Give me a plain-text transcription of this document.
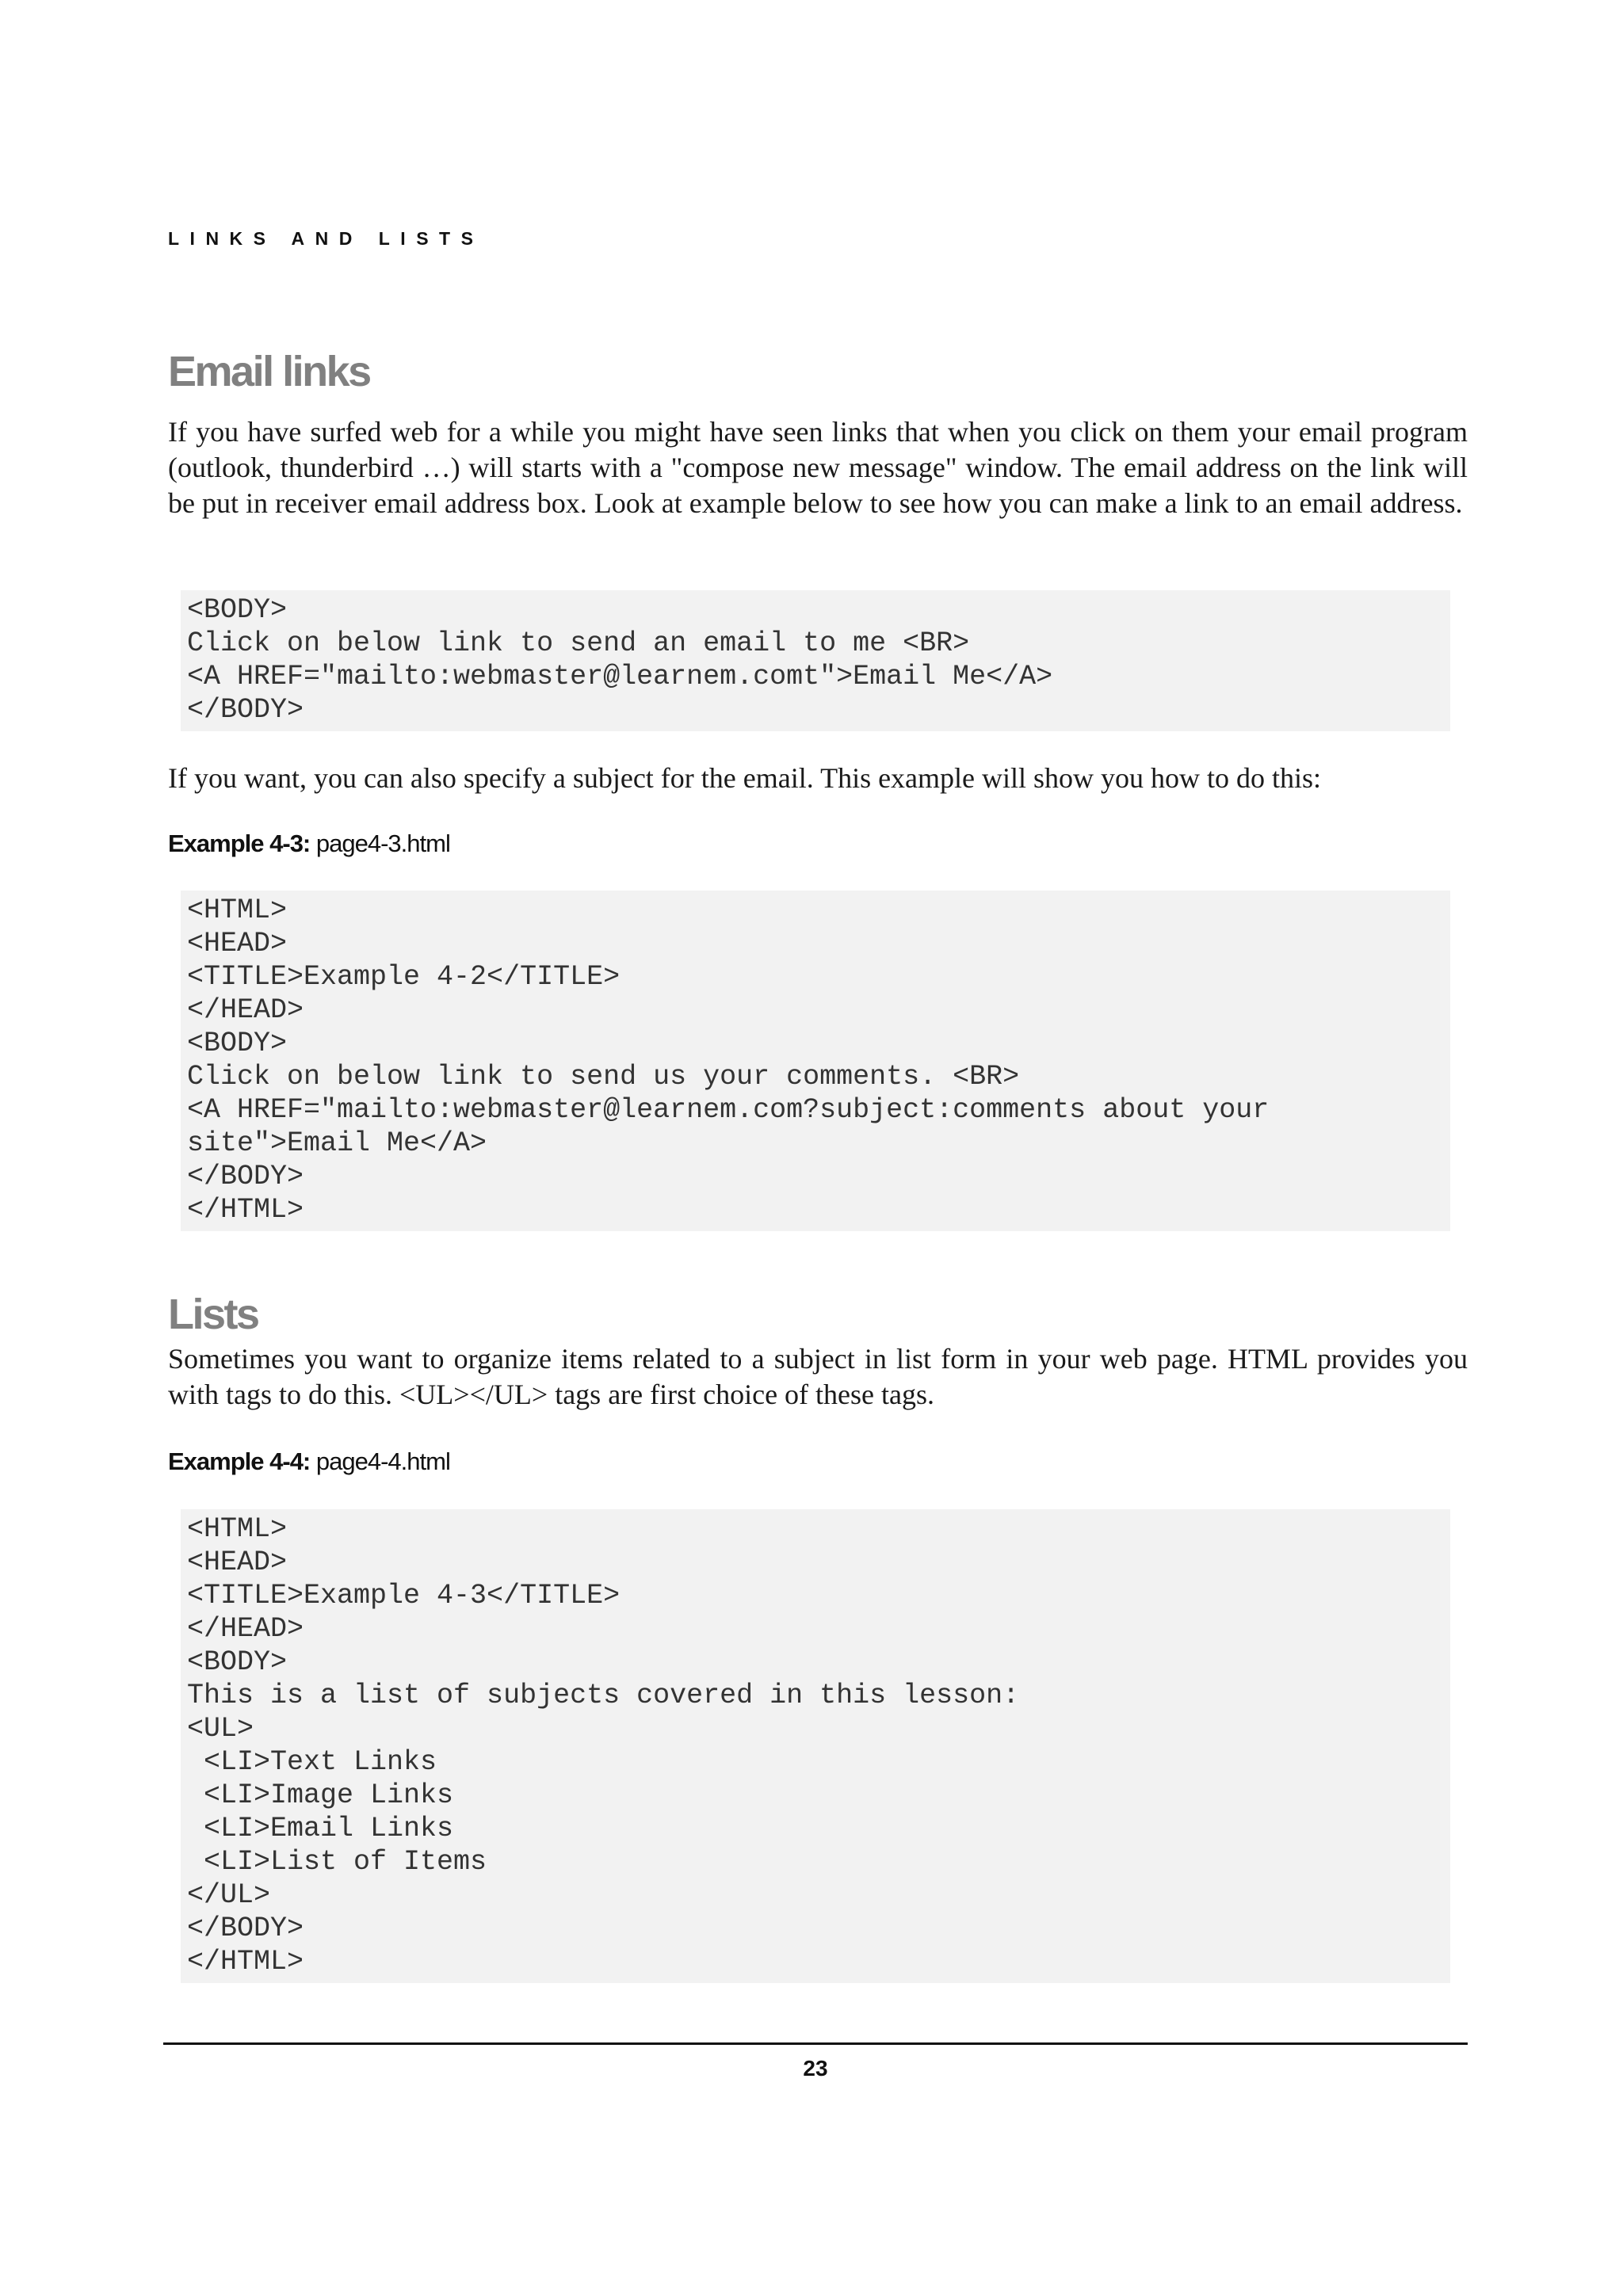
LINKS AND LISTS
Email links

If you have surfed web for a while you might have seen links that when you click on them your email program (outlook, thunderbird …) will starts with a "compose new message" window. The email address on the link will be put in receiver email address box. Look at example below to see how you can make a link to an email address.

<BODY>
Click on below link to send an email to me <BR>
<A HREF="mailto:webmaster@learnem.comt">Email Me</A>
</BODY>

If you want, you can also specify a subject for the email. This example will show you how to do this:

Example 4-3: page4-3.html

<HTML>
<HEAD>
<TITLE>Example 4-2</TITLE>
</HEAD>
<BODY>
Click on below link to send us your comments. <BR>
<A HREF="mailto:webmaster@learnem.com?subject:comments about your
site">Email Me</A>
</BODY>
</HTML>
Lists

Sometimes you want to organize items related to a subject in list form in your web page. HTML provides you with tags to do this. <UL></UL> tags are first choice of these tags.

Example 4-4: page4-4.html

<HTML>
<HEAD>
<TITLE>Example 4-3</TITLE>
</HEAD>
<BODY>
This is a list of subjects covered in this lesson:
<UL>
<LI>Text Links
<LI>Image Links
<LI>Email Links
<LI>List of Items
</UL>
</BODY>
</HTML>
23
